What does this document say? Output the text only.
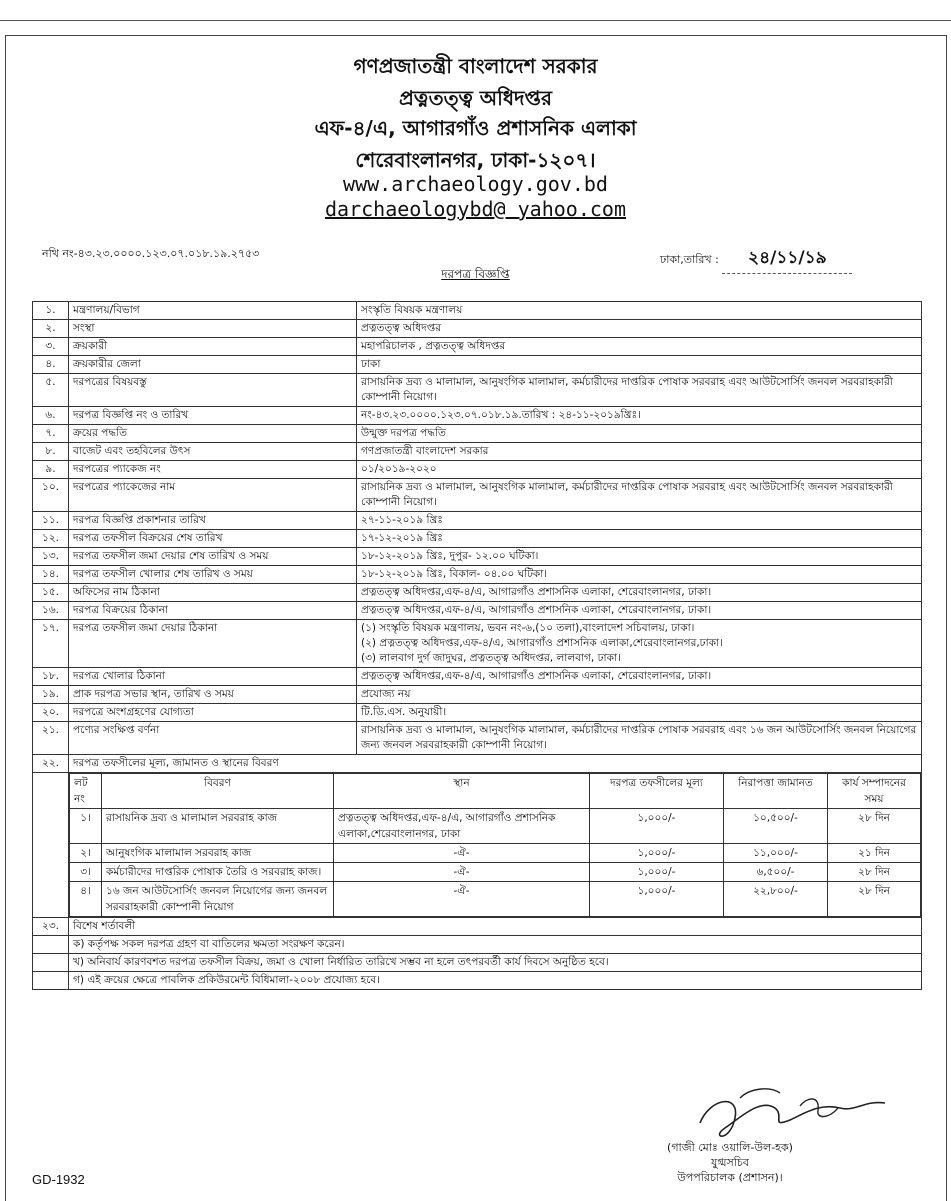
গণপ্রজাতন্ত্রী বাংলাদেশ সরকার
প্রত্নতত্ত্ব অধিদপ্তর
এফ-৪/এ, আগারগাঁও প্রশাসনিক এলাকা
শেরেবাংলানগর, ঢাকা-১২০৭।
www.archaeology.gov.bd
darchaeologybd@ yahoo.com
নথি নং-৪৩.২৩.০০০০.১২৩.০৭.০১৮.১৯.২৭৫৩	ঢাকা,তারিখ : ২৪/১১/১৯
দরপত্র বিজ্ঞপ্তি
১.	মন্ত্রণালয়/বিভাগ	সংস্কৃতি বিষয়ক মন্ত্রণালয়
২.	সংস্থা	প্রত্নতত্ত্ব অধিদপ্তর
৩.	ক্রয়কারী	মহাপরিচালক , প্রত্নতত্ত্ব অধিদপ্তর
৪.	ক্রয়কারীর জেলা	ঢাকা
৫.	দরপত্রের বিষয়বস্তু	রাসায়নিক দ্রব্য ও মালামাল, আনুষংগিক মালামাল, কর্মচারীদের দাপ্তরিক পোষাক সরবরাহ এবং আউটসোর্সিং জনবল সরবরাহকারী কোম্পানী নিয়োগ।
৬.	দরপত্র বিজ্ঞপ্তি নং ও তারিখ	নং-৪৩.২৩.০০০০.১২৩.০৭.০১৮.১৯.তারিখ : ২৪-১১-২০১৯খ্রিঃ।
৭.	ক্রয়ের পদ্ধতি	উন্মুক্ত দরপত্র পদ্ধতি
৮.	বাজেট এবং তহবিলের উৎস	গণপ্রজাতন্ত্রী বাংলাদেশ সরকার
৯.	দরপত্রের প্যাকেজ নং	০১/২০১৯-২০২০
১০.	দরপত্রের প্যাকেজের নাম	রাসায়নিক দ্রব্য ও মালামাল, আনুষংগিক মালামাল, কর্মচারীদের দাপ্তরিক পোষাক সরবরাহ এবং আউটসোর্সিং জনবল সরবরাহকারী কোম্পানী নিয়োগ।
১১.	দরপত্র বিজ্ঞপ্তি প্রকাশনার তারিখ	২৭-১১-২০১৯ খ্রিঃ
১২.	দরপত্র তফসীল বিক্রয়ের শেষ তারিখ	১৭-১২-২০১৯ খ্রিঃ
১৩.	দরপত্র তফসীল জমা দেয়ার শেষ তারিখ ও সময়	১৮-১২-২০১৯ খ্রিঃ, দুপুর- ১২.০০ ঘটিকা।
১৪.	দরপত্র তফসীল খোলার শেষ তারিখ ও সময়	১৮-১২-২০১৯ খ্রিঃ, বিকাল- ০৪.০০ ঘটিকা।
১৫.	অফিসের নাম ঠিকানা	প্রত্নতত্ত্ব অধিদপ্তর,এফ-৪/এ, আগারগাঁও প্রশাসনিক এলাকা, শেরেবাংলানগর, ঢাকা।
১৬.	দরপত্র বিক্রয়ের ঠিকানা	প্রত্নতত্ত্ব অধিদপ্তর,এফ-৪/এ, আগারগাঁও প্রশাসনিক এলাকা, শেরেবাংলানগর, ঢাকা।
১৭.	দরপত্র তফসীল জমা দেয়ার ঠিকানা	(১) সংস্কৃতি বিষয়ক মন্ত্রণালয়, ভবন নং-৬,(১০ তলা),বাংলাদেশ সচিবালয়, ঢাকা।
(২) প্রত্নতত্ত্ব অধিদপ্তর,এফ-৪/এ, আগারগাঁও প্রশাসনিক এলাকা,শেরেবাংলানগর,ঢাকা।
(৩) লালবাগ দুর্গ জাদুঘর, প্রত্নতত্ত্ব অধিদপ্তর, লালবাগ, ঢাকা।

১৮.	দরপত্র খোলার ঠিকানা	প্রত্নতত্ত্ব অধিদপ্তর,এফ-৪/এ, আগারগাঁও প্রশাসনিক এলাকা, শেরেবাংলানগর, ঢাকা।
১৯.	প্রাক দরপত্র সভার স্থান, তারিখ ও সময়	প্রযোজ্য নয়
২০.	দরপত্রে অংশগ্রহণের যোগ্যতা	টি.ডি.এস. অনুযায়ী।
২১.	পণ্যের সংক্ষিপ্ত বর্ণনা	রাসায়নিক দ্রব্য ও মালামাল, আনুষংগিক মালামাল, কর্মচারীদের দাপ্তরিক পোষাক সরবরাহ এবং ১৬ জন আউটসোর্সিং জনবল নিয়োগের জন্য জনবল সরবরাহকারী কোম্পানী নিয়োগ।
২২.	দরপত্র তফসীলের মূল্য, জামানত ও স্থানের বিবরণ

লট নং	বিবরণ	স্থান	দরপত্র তফসীলের মূল্য	নিরাপত্তা জামানত	কার্য সম্পাদনের সময়
১।	রাসায়নিক দ্রব্য ও মালামাল সরবরাহ কাজ	প্রত্নতত্ত্ব অধিদপ্তর,এফ-৪/এ, আগারগাঁও প্রশাসনিক এলাকা,শেরেবাংলানগর, ঢাকা	১,০০০/-	১০,৫০০/-	২৮ দিন
২।	আনুষংগিক মালামাল সরবরাহ কাজ	-ঐ-	১,০০০/-	১১,০০০/-	২১ দিন
৩।	কর্মচারীদের দাপ্তরিক পোষাক তৈরি ও সরবরাহ কাজ।	-ঐ-	১,০০০/-	৬,৫০০/-	২৮ দিন
৪।	১৬ জন আউটসোর্সিং জনবল নিয়োগের জন্য জনবল সরবরাহকারী কোম্পানী নিয়োগ	-ঐ-	১,০০০/-	২২,৮০০/-	২৮ দিন

২৩.	বিশেষ শর্তাবলী
	ক) কর্তৃপক্ষ সকল দরপত্র গ্রহণ বা বাতিলের ক্ষমতা সংরক্ষণ করেন।
	খ) অনিবার্য কারণবশত দরপত্র তফসীল বিক্রয়, জমা ও খোলা নির্ধারিত তারিখে সম্ভব না হলে তৎপরবর্তী কার্য দিবসে অনুষ্ঠিত হবে।
	গ) এই ক্রয়ের ক্ষেত্রে পাবলিক প্রকিউরমেন্ট বিধিমালা-২০০৮ প্রযোজ্য হবে।
(গাজী মোঃ ওয়ালি-উল-হক)
যুগ্মসচিব
উপপরিচালক (প্রশাসন)।
GD-1932
